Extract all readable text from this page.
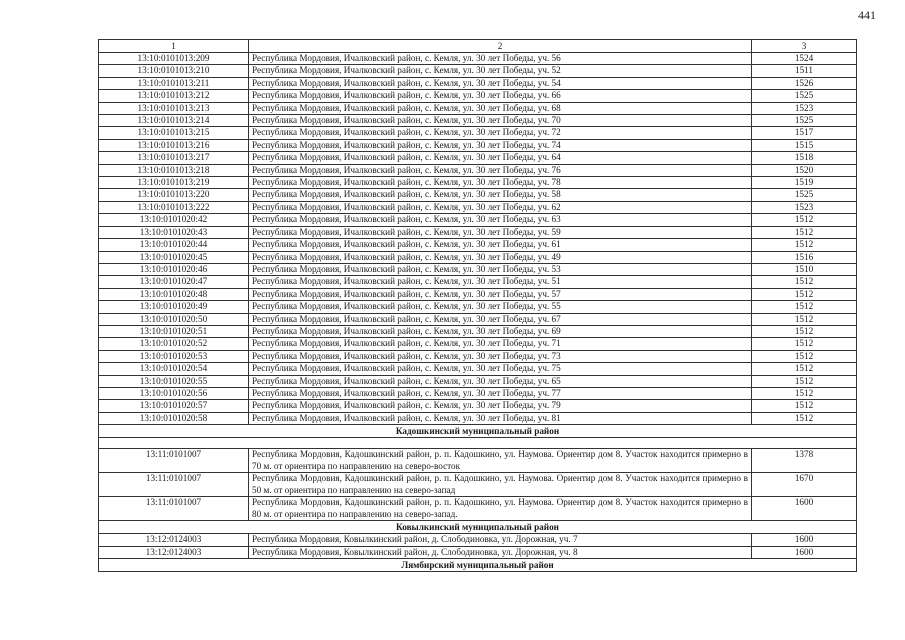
441
1	2	3
13:10:0101013:209	Республика Мордовия, Ичалковский район, с. Кемля, ул. 30 лет Победы, уч. 56	1524
13:10:0101013:210	Республика Мордовия, Ичалковский район, с. Кемля, ул. 30 лет Победы, уч. 52	1511
13:10:0101013:211	Республика Мордовия, Ичалковский район, с. Кемля, ул. 30 лет Победы, уч. 54	1526
13:10:0101013:212	Республика Мордовия, Ичалковский район, с. Кемля, ул. 30 лет Победы, уч. 66	1525
13:10:0101013:213	Республика Мордовия, Ичалковский район, с. Кемля, ул. 30 лет Победы, уч. 68	1523
13:10:0101013:214	Республика Мордовия, Ичалковский район, с. Кемля, ул. 30 лет Победы, уч. 70	1525
13:10:0101013:215	Республика Мордовия, Ичалковский район, с. Кемля, ул. 30 лет Победы, уч. 72	1517
13:10:0101013:216	Республика Мордовия, Ичалковский район, с. Кемля, ул. 30 лет Победы, уч. 74	1515
13:10:0101013:217	Республика Мордовия, Ичалковский район, с. Кемля, ул. 30 лет Победы, уч. 64	1518
13:10:0101013:218	Республика Мордовия, Ичалковский район, с. Кемля, ул. 30 лет Победы, уч. 76	1520
13:10:0101013:219	Республика Мордовия, Ичалковский район, с. Кемля, ул. 30 лет Победы, уч. 78	1519
13:10:0101013:220	Республика Мордовия, Ичалковский район, с. Кемля, ул. 30 лет Победы, уч. 58	1525
13:10:0101013:222	Республика Мордовия, Ичалковский район, с. Кемля, ул. 30 лет Победы, уч. 62	1523
13:10:0101020:42	Республика Мордовия, Ичалковский район, с. Кемля, ул. 30 лет Победы, уч. 63	1512
13:10:0101020:43	Республика Мордовия, Ичалковский район, с. Кемля, ул. 30 лет Победы, уч. 59	1512
13:10:0101020:44	Республика Мордовия, Ичалковский район, с. Кемля, ул. 30 лет Победы, уч. 61	1512
13:10:0101020:45	Республика Мордовия, Ичалковский район, с. Кемля, ул. 30 лет Победы, уч. 49	1516
13:10:0101020:46	Республика Мордовия, Ичалковский район, с. Кемля, ул. 30 лет Победы, уч. 53	1510
13:10:0101020:47	Республика Мордовия, Ичалковский район, с. Кемля, ул. 30 лет Победы, уч. 51	1512
13:10:0101020:48	Республика Мордовия, Ичалковский район, с. Кемля, ул. 30 лет Победы, уч. 57	1512
13:10:0101020:49	Республика Мордовия, Ичалковский район, с. Кемля, ул. 30 лет Победы, уч. 55	1512
13:10:0101020:50	Республика Мордовия, Ичалковский район, с. Кемля, ул. 30 лет Победы, уч. 67	1512
13:10:0101020:51	Республика Мордовия, Ичалковский район, с. Кемля, ул. 30 лет Победы, уч. 69	1512
13:10:0101020:52	Республика Мордовия, Ичалковский район, с. Кемля, ул. 30 лет Победы, уч. 71	1512
13:10:0101020:53	Республика Мордовия, Ичалковский район, с. Кемля, ул. 30 лет Победы, уч. 73	1512
13:10:0101020:54	Республика Мордовия, Ичалковский район, с. Кемля, ул. 30 лет Победы, уч. 75	1512
13:10:0101020:55	Республика Мордовия, Ичалковский район, с. Кемля, ул. 30 лет Победы, уч. 65	1512
13:10:0101020:56	Республика Мордовия, Ичалковский район, с. Кемля, ул. 30 лет Победы, уч. 77	1512
13:10:0101020:57	Республика Мордовия, Ичалковский район, с. Кемля, ул. 30 лет Победы, уч. 79	1512
13:10:0101020:58	Республика Мордовия, Ичалковский район, с. Кемля, ул. 30 лет Победы, уч. 81	1512
Кадошкинский муниципальный район		

13:11:0101007	Республика Мордовия, Кадошкинский район, р. п. Кадошкино, ул. Наумова. Ориентир дом 8. Участок находится примерно в 70 м. от ориентира по направлению на северо-восток	1378
13:11:0101007	Республика Мордовия, Кадошкинский район, р. п. Кадошкино, ул. Наумова. Ориентир дом 8. Участок находится примерно в 50 м. от ориентира по направлению на северо-запад	1670
13:11:0101007	Республика Мордовия, Кадошкинский район, р. п. Кадошкино, ул. Наумова. Ориентир дом 8. Участок находится примерно в 80 м. от ориентира по направлению на северо-запад.	1600
Ковылкинский муниципальный район		
13:12:0124003	Республика Мордовия, Ковылкинский район, д. Слободиновка, ул. Дорожная, уч. 7	1600
13:12:0124003	Республика Мордовия, Ковылкинский район, д. Слободиновка, ул. Дорожная, уч. 8	1600
Лямбирский муниципальный район		
